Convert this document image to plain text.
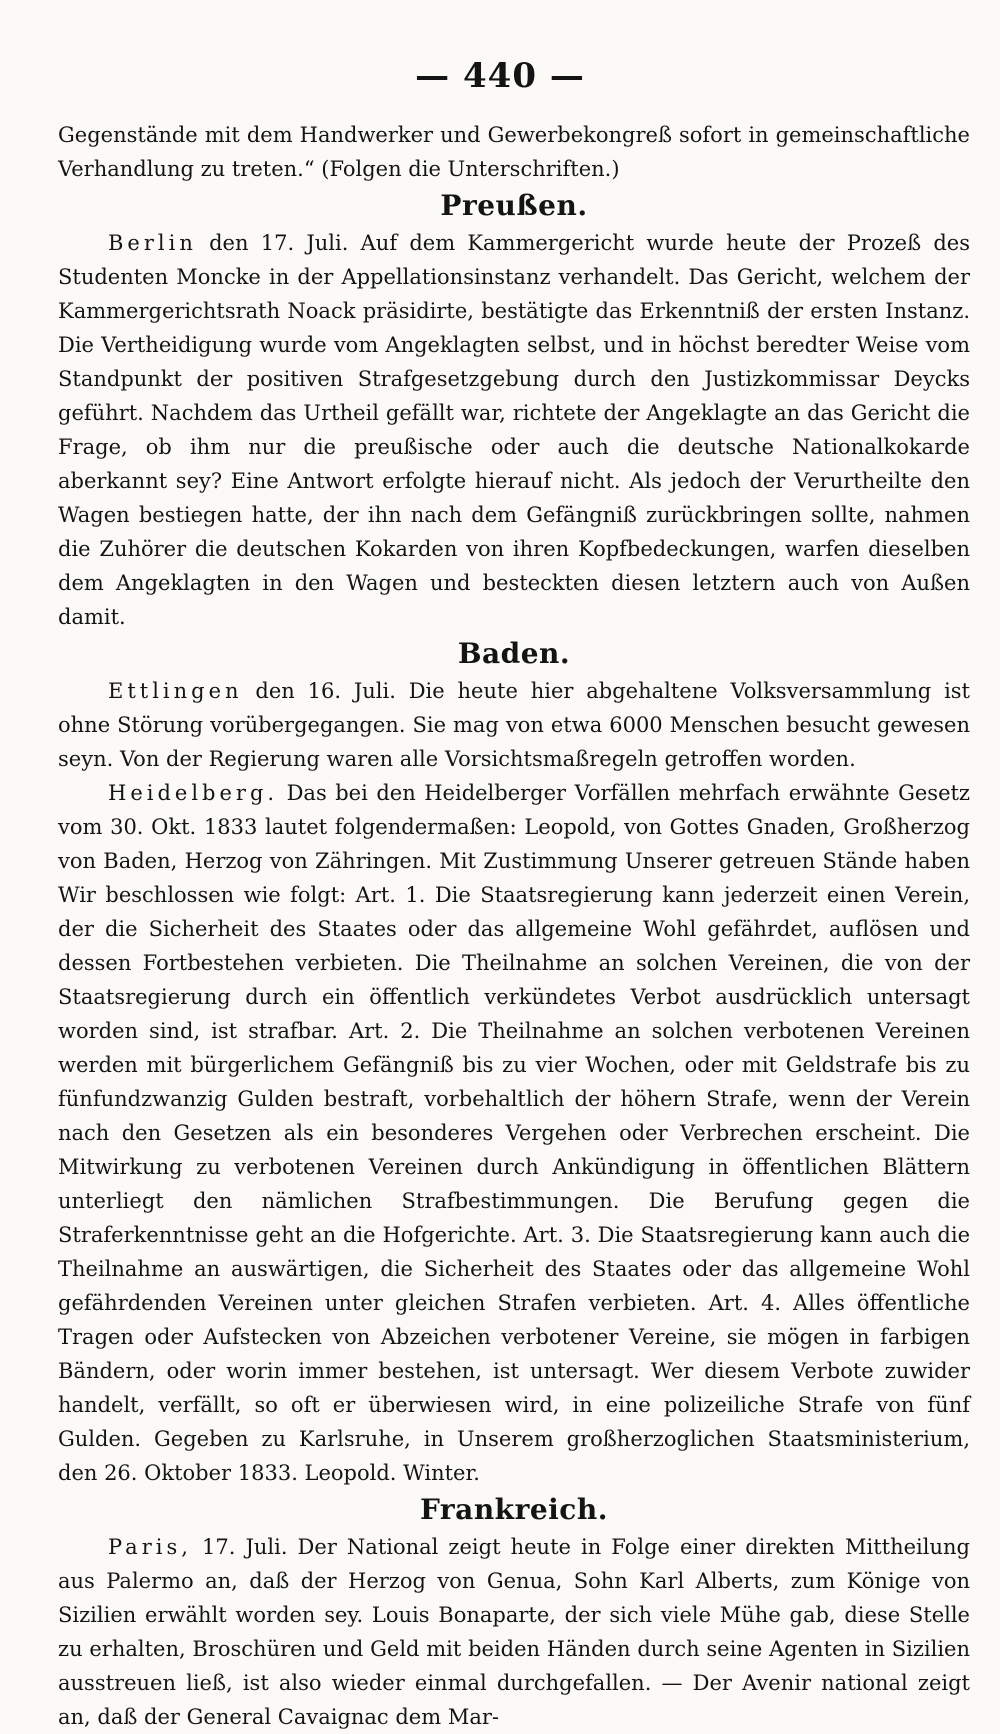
— 440 —

Gegenstände mit dem Handwerker und Gewerbekongreß sofort in gemeinschaftliche Verhandlung zu treten.“ (Folgen die Unterschriften.)

Preußen.

Berlin den 17. Juli. Auf dem Kammergericht wurde heute der Prozeß des Studenten Moncke in der Appellationsinstanz verhandelt. Das Gericht, welchem der Kammergerichtsrath Noack präsidirte, bestätigte das Erkenntniß der ersten Instanz. Die Vertheidigung wurde vom Angeklagten selbst, und in höchst beredter Weise vom Standpunkt der positiven Strafgesetzgebung durch den Justizkommissar Deycks geführt. Nachdem das Urtheil gefällt war, richtete der Angeklagte an das Gericht die Frage, ob ihm nur die preußische oder auch die deutsche Nationalkokarde aberkannt sey? Eine Antwort erfolgte hierauf nicht. Als jedoch der Verurtheilte den Wagen bestiegen hatte, der ihn nach dem Gefängniß zurückbringen sollte, nahmen die Zuhörer die deutschen Kokarden von ihren Kopfbedeckungen, warfen dieselben dem Angeklagten in den Wagen und besteckten diesen letztern auch von Außen damit.

Baden.

Ettlingen den 16. Juli. Die heute hier abgehaltene Volksversammlung ist ohne Störung vorübergegangen. Sie mag von etwa 6000 Menschen besucht gewesen seyn. Von der Regierung waren alle Vorsichtsmaßregeln getroffen worden.

Heidelberg. Das bei den Heidelberger Vorfällen mehrfach erwähnte Gesetz vom 30. Okt. 1833 lautet folgendermaßen: Leopold, von Gottes Gnaden, Großherzog von Baden, Herzog von Zähringen. Mit Zustimmung Unserer getreuen Stände haben Wir beschlossen wie folgt: Art. 1. Die Staatsregierung kann jederzeit einen Verein, der die Sicherheit des Staates oder das allgemeine Wohl gefährdet, auflösen und dessen Fortbestehen verbieten. Die Theilnahme an solchen Vereinen, die von der Staatsregierung durch ein öffentlich verkündetes Verbot ausdrücklich untersagt worden sind, ist strafbar. Art. 2. Die Theilnahme an solchen verbotenen Vereinen werden mit bürgerlichem Gefängniß bis zu vier Wochen, oder mit Geldstrafe bis zu fünfundzwanzig Gulden bestraft, vorbehaltlich der höhern Strafe, wenn der Verein nach den Gesetzen als ein besonderes Vergehen oder Verbrechen erscheint. Die Mitwirkung zu verbotenen Vereinen durch Ankündigung in öffentlichen Blättern unterliegt den nämlichen Strafbestimmungen. Die Berufung gegen die Straferkenntnisse geht an die Hofgerichte. Art. 3. Die Staatsregierung kann auch die Theilnahme an auswärtigen, die Sicherheit des Staates oder das allgemeine Wohl gefährdenden Vereinen unter gleichen Strafen verbieten. Art. 4. Alles öffentliche Tragen oder Aufstecken von Abzeichen verbotener Vereine, sie mögen in farbigen Bändern, oder worin immer bestehen, ist untersagt. Wer diesem Verbote zuwider handelt, verfällt, so oft er überwiesen wird, in eine polizeiliche Strafe von fünf Gulden. Gegeben zu Karlsruhe, in Unserem großherzoglichen Staatsministerium, den 26. Oktober 1833. Leopold. Winter.

Frankreich.

Paris, 17. Juli. Der National zeigt heute in Folge einer direkten Mittheilung aus Palermo an, daß der Herzog von Genua, Sohn Karl Alberts, zum Könige von Sizilien erwählt worden sey. Louis Bonaparte, der sich viele Mühe gab, diese Stelle zu erhalten, Broschüren und Geld mit beiden Händen durch seine Agenten in Sizilien ausstreuen ließ, ist also wieder einmal durchgefallen. — Der Avenir national zeigt an, daß der General Cavaignac dem Mar-
